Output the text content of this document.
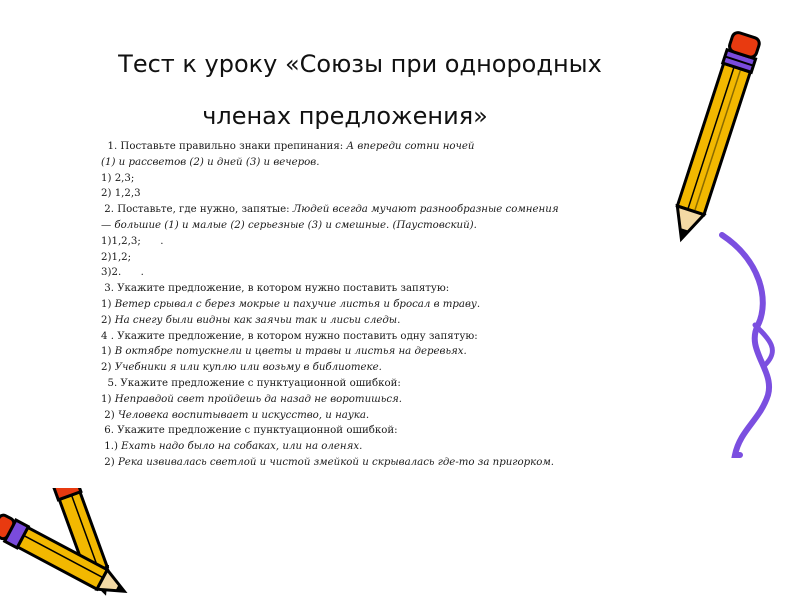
Тест к уроку «Союзы при однородных
членах предложения»
1. Поставьте правильно знаки препинания: А впереди сотни ночей
(1) и рассветов (2) и дней (3) и вечеров.
1) 2,3;
2) 1,2,3
2. Поставьте, где нужно, запятые: Людей всегда мучают разнообразные сомнения
— большие (1) и малые (2) серьезные (3) и смешные. (Паустовский).
1)1,2,3;      .
2)1,2;
3)2.      .
3. Укажите предложение, в котором нужно поставить запятую:
1) Ветер срывал с берез мокрые и пахучие листья и бросал в траву.
2) На снегу были видны как заячьи так и лисьи следы.
4 . Укажите предложение, в котором нужно поставить одну запятую:
1) В октябре потускнели и цветы и травы и листья на деревьях.
2) Учебники я или куплю или возьму в библиотеке.
5. Укажите предложение с пунктуационной ошибкой:
1) Неправдой свет пройдешь да назад не воротишься.
2) Человека воспитывает и искусство, и наука.
6. Укажите предложение с пунктуационной ошибкой:
1.) Ехать надо было на собаках, или на оленях.
2) Река извивалась светлой и чистой змейкой и скрывалась где-то за пригорком.
